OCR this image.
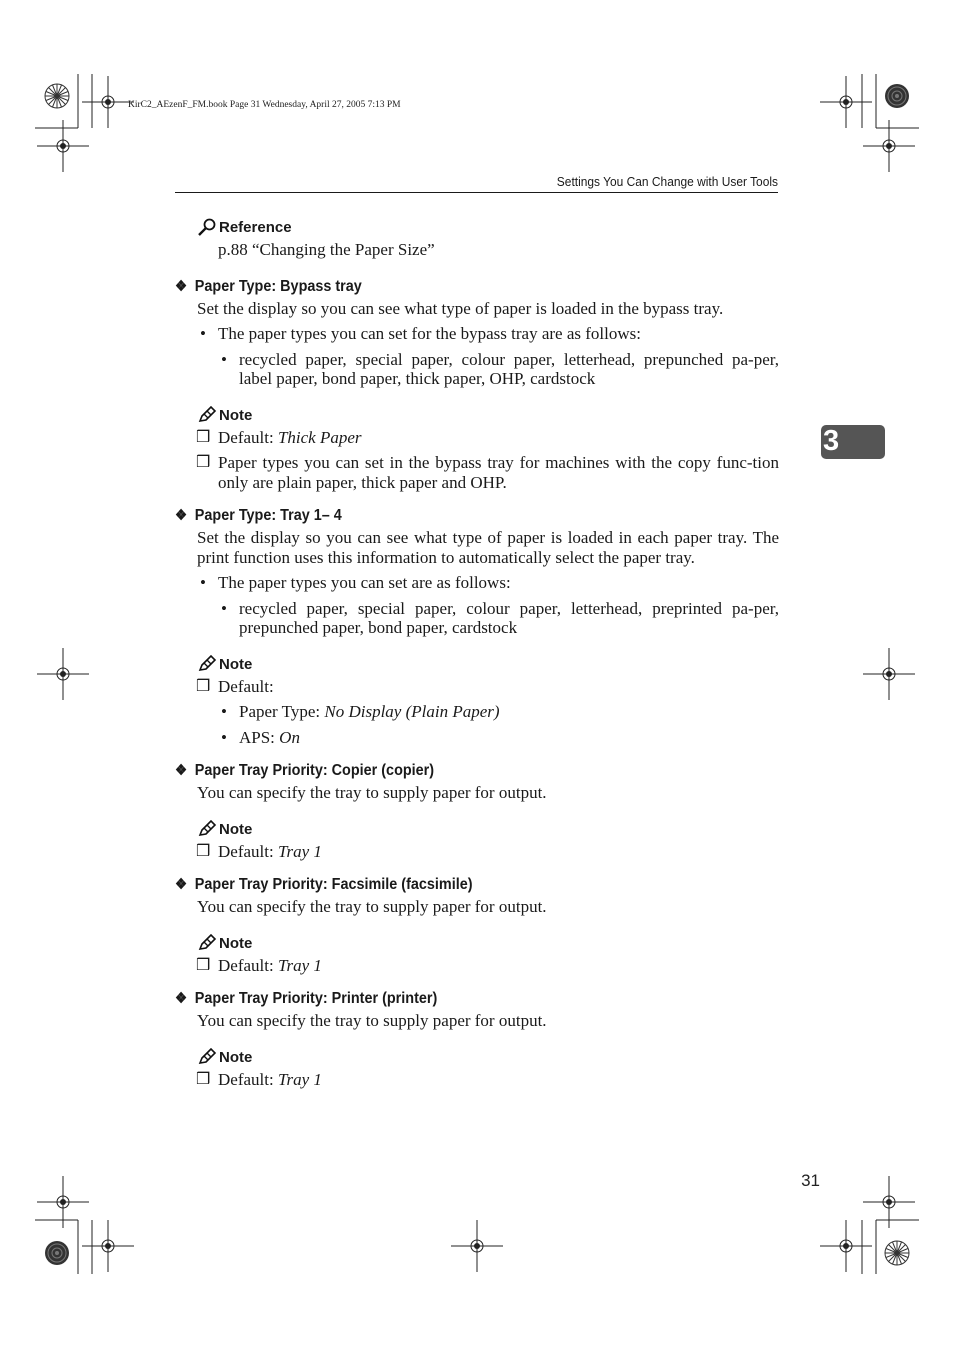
KirC2_AEzenF_FM.book Page 31 Wednesday, April 27, 2005 7:13 PM
Settings You Can Change with User Tools
3
Reference
p.88 “Changing the Paper Size”
❖ Paper Type: Bypass tray
Set the display so you can see what type of paper is loaded in the bypass tray.
• The paper types you can set for the bypass tray are as follows:
• recycled paper, special paper, colour paper, letterhead, prepunched pa-per, label paper, bond paper, thick paper, OHP, cardstock
Note
❒ Default: Thick Paper
❒ Paper types you can set in the bypass tray for machines with the copy func-tion only are plain paper, thick paper and OHP.
❖ Paper Type: Tray 1– 4
Set the display so you can see what type of paper is loaded in each paper tray. The print function uses this information to automatically select the paper tray.
• The paper types you can set are as follows:
• recycled paper, special paper, colour paper, letterhead, preprinted pa-per, prepunched paper, bond paper, cardstock
Note
❒ Default:
• Paper Type: No Display (Plain Paper)
• APS: On
❖ Paper Tray Priority: Copier (copier)
You can specify the tray to supply paper for output.
Note
❒ Default: Tray 1
❖ Paper Tray Priority: Facsimile (facsimile)
You can specify the tray to supply paper for output.
Note
❒ Default: Tray 1
❖ Paper Tray Priority: Printer (printer)
You can specify the tray to supply paper for output.
Note
❒ Default: Tray 1
31
